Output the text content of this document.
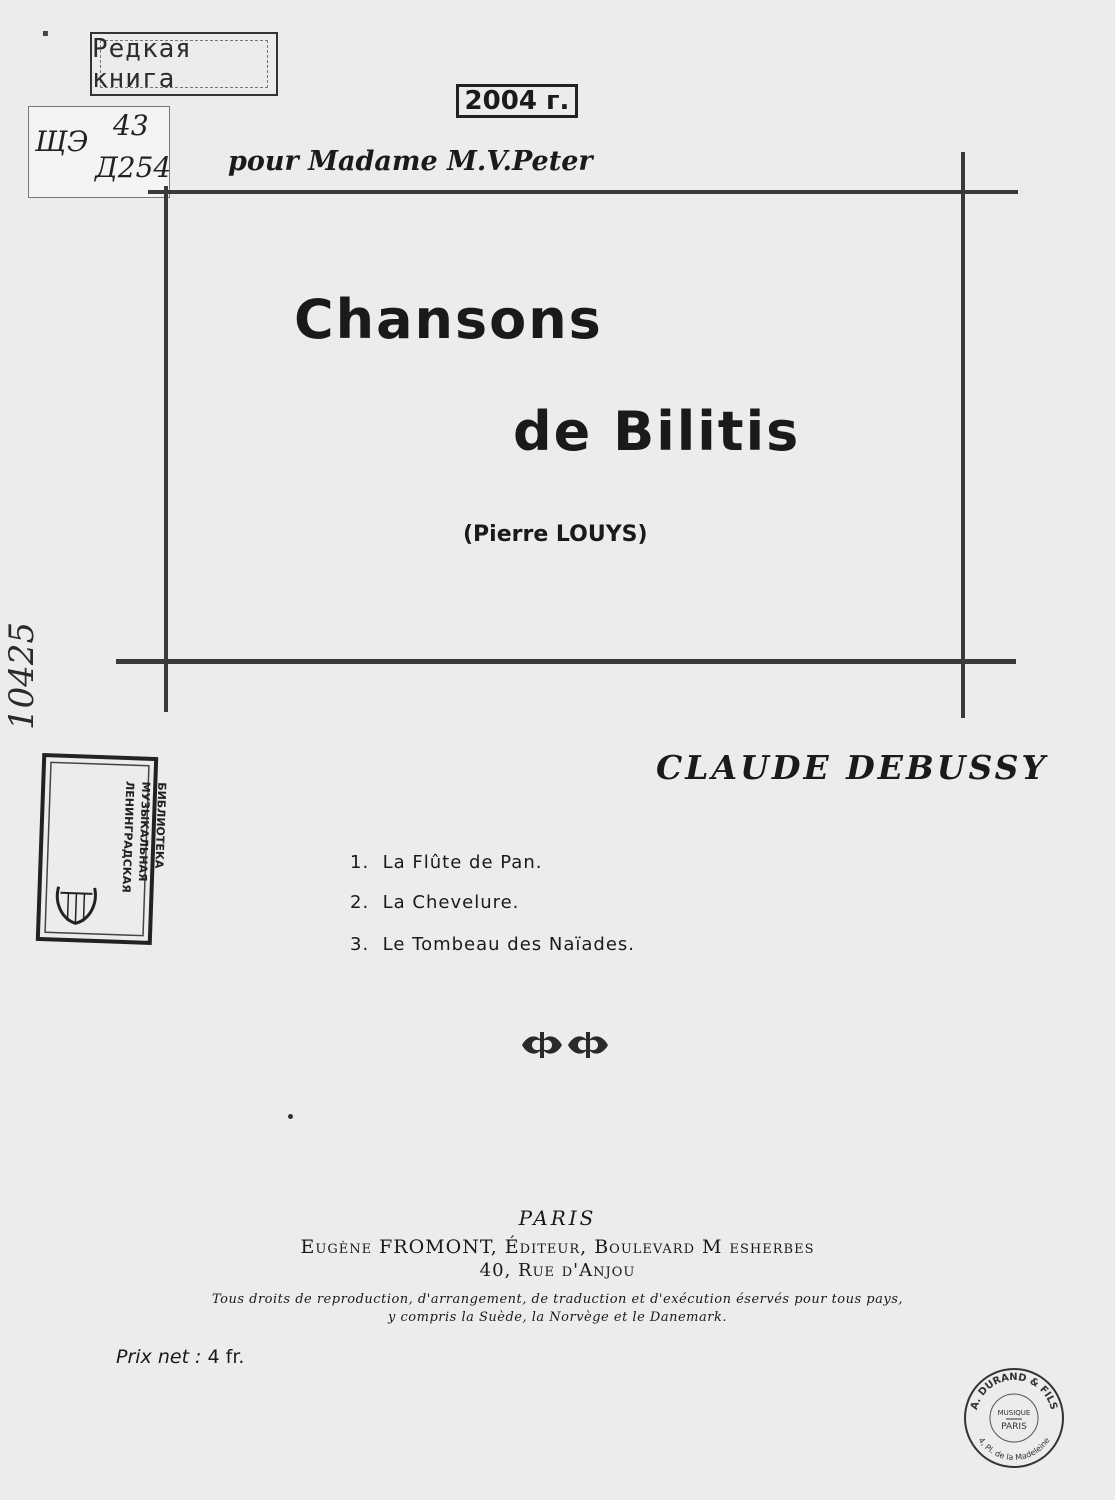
▪
Редкая книга
2004 г.
ЩЭ 43
Д254 pour Madame M.V.Peter
Chansons
de Bilitis
(Pierre LOUYS)
CLAUDE DEBUSSY
10425
ЛЕНИНГРАДСКАЯ МУЗЫКАЛЬНАЯ БИБЛИОТЕКА	1. La Flûte de Pan.
2. La Chevelure.
3. Le Tombeau des Naïades.
PARIS
Eugène FROMONT, Éditeur, Boulevard M esherbes
40, Rue d'Anjou
Tous droits de reproduction, d'arrangement, de traduction et d'exécution éservés pour tous pays,
y compris la Suède, la Norvège et le Danemark.
Prix net : 4 fr.
A. DURAND & FILS
4, Pl. de la Madeleine
MUSIQUE
PARIS
